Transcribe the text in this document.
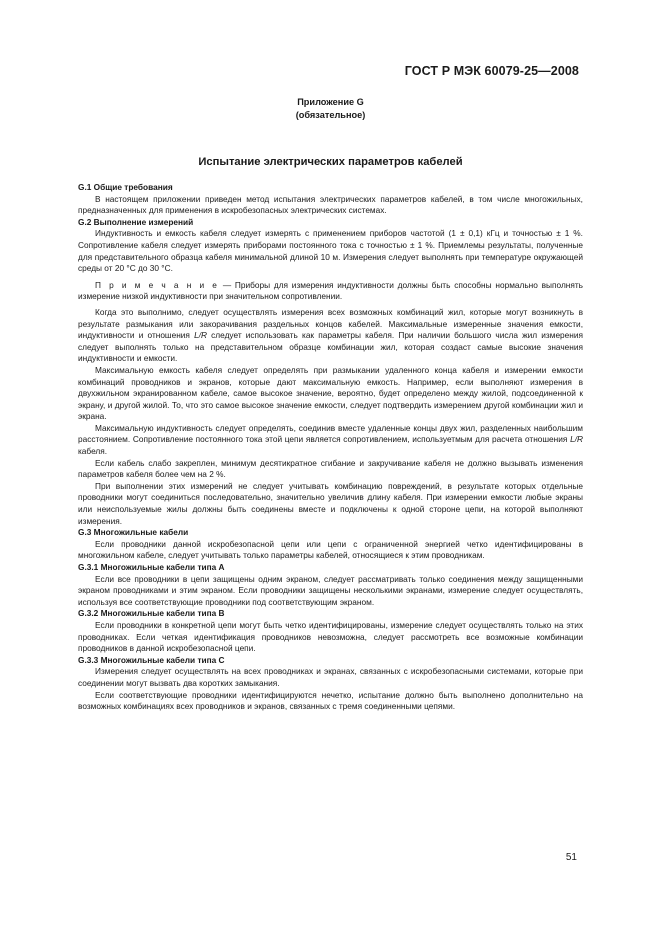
ГОСТ Р МЭК 60079-25—2008
Приложение G
(обязательное)
Испытание электрических параметров кабелей

G.1 Общие требования

В настоящем приложении приведен метод испытания электрических параметров кабелей, в том числе многожильных, предназначенных для применения в искробезопасных электрических системах.

G.2 Выполнение измерений

Индуктивность и емкость кабеля следует измерять с применением приборов частотой (1 ± 0,1) кГц и точностью ± 1 %. Сопротивление кабеля следует измерять приборами постоянного тока с точностью ± 1 %. Приемлемы результаты, полученные для представительного образца кабеля минимальной длиной 10 м. Измерения следует выполнять при температуре окружающей среды от 20 °С до 30 °С.

П р и м е ч а н и е — Приборы для измерения индуктивности должны быть способны нормально выполнять измерение низкой индуктивности при значительном сопротивлении.

Когда это выполнимо, следует осуществлять измерения всех возможных комбинаций жил, которые могут возникнуть в результате размыкания или закорачивания раздельных концов кабелей. Максимальные измеренные значения емкости, индуктивности и отношения L/R следует использовать как параметры кабеля. При наличии большого числа жил измерения следует выполнять только на представительном образце комбинации жил, которая создаст самые высокие значения индуктивности и емкости.

Максимальную емкость кабеля следует определять при размыкании удаленного конца кабеля и измерении емкости комбинаций проводников и экранов, которые дают максимальную емкость. Например, если выполняют измерения в двухжильном экранированном кабеле, самое высокое значение, вероятно, будет определено между жилой, подсоединенной к экрану, и другой жилой. То, что это самое высокое значение емкости, следует подтвердить измерением другой комбинации жил и экрана.

Максимальную индуктивность следует определять, соединив вместе удаленные концы двух жил, разделенных наибольшим расстоянием. Сопротивление постоянного тока этой цепи является сопротивлением, используетмым для расчета отношения L/R кабеля.

Если кабель слабо закреплен, минимум десятикратное сгибание и закручивание кабеля не должно вызывать изменения параметров кабеля более чем на 2 %.

При выполнении этих измерений не следует учитывать комбинацию повреждений, в результате которых отдельные проводники могут соединиться последовательно, значительно увеличив длину кабеля. При измерении емкости любые экраны или неиспользуемые жилы должны быть соединены вместе и подключены к одной стороне цепи, на которой выполняют измерения.

G.3 Многожильные кабели

Если проводники данной искробезопасной цепи или цепи с ограниченной энергией четко идентифицированы в многожильном кабеле, следует учитывать только параметры кабелей, относящиеся к этим проводникам.

G.3.1 Многожильные кабели типа А

Если все проводники в цепи защищены одним экраном, следует рассматривать только соединения между защищенными экраном проводниками и этим экраном. Если проводники защищены несколькими экранами, измерение следует осуществлять, используя все соответствующие проводники под соответствующим экраном.

G.3.2 Многожильные кабели типа В

Если проводники в конкретной цепи могут быть четко идентифицированы, измерение следует осуществлять только на этих проводниках. Если четкая идентификация проводников невозможна, следует рассмотреть все возможные комбинации проводников в данной искробезопасной цепи.

G.3.3 Многожильные кабели типа С

Измерения следует осуществлять на всех проводниках и экранах, связанных с искробезопасными системами, которые при соединении могут вызвать два коротких замыкания.

Если соответствующие проводники идентифицируются нечетко, испытание должно быть выполнено дополнительно на возможных комбинациях всех проводников и экранов, связанных с тремя соединенными цепями.

51
